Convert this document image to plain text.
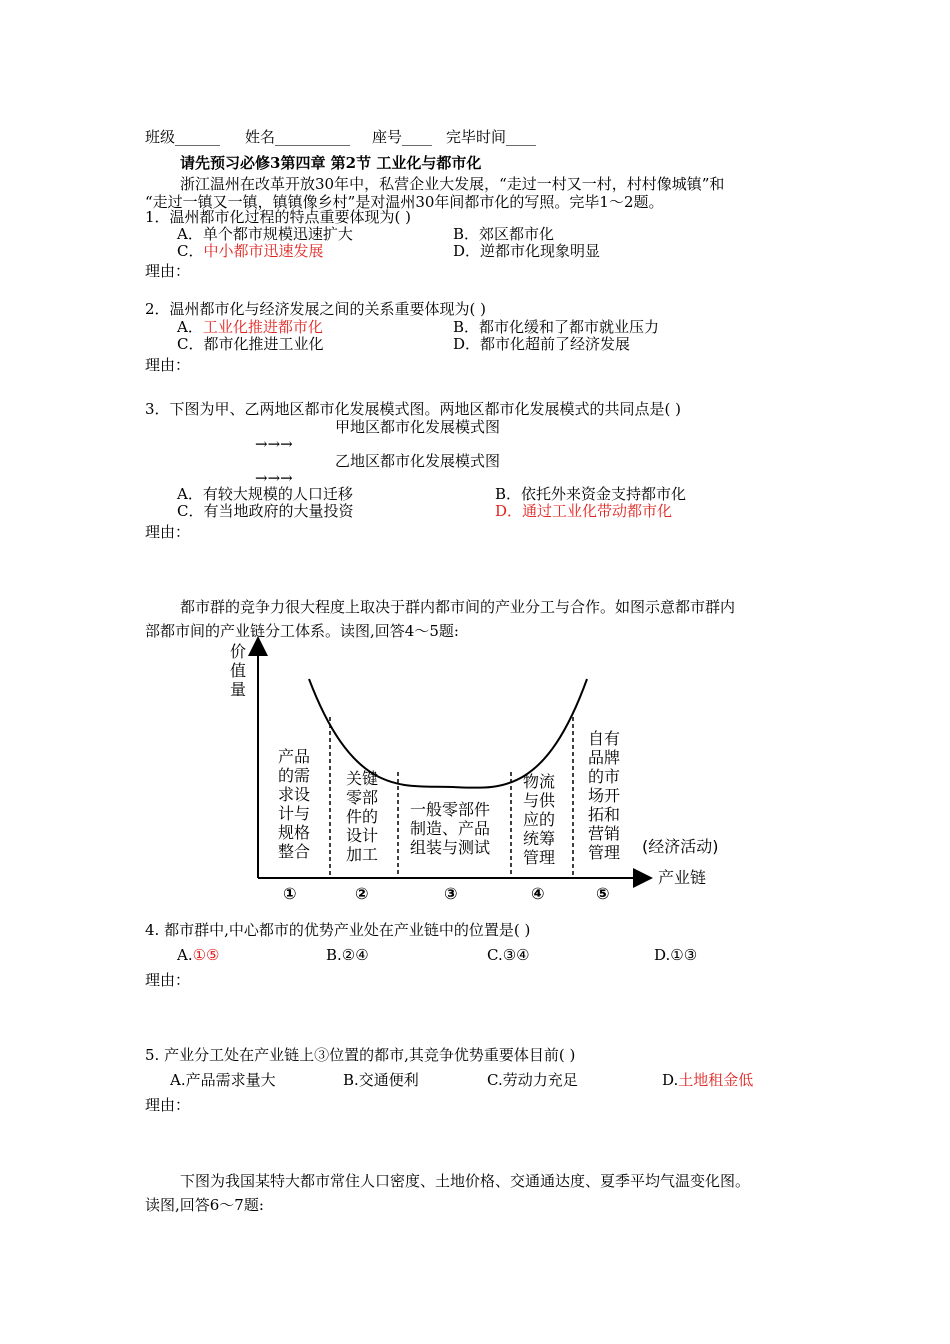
班级______ 姓名__________ 座号____ 完毕时间____
请先预习必修3第四章 第2节 工业化与都市化
浙江温州在改革开放30年中，私营企业大发展，“走过一村又一村，村村像城镇”和
“走过一镇又一镇，镇镇像乡村”是对温州30年间都市化的写照。完毕1～2题。
1．温州都市化过程的特点重要体现为( )
A．单个都市规模迅速扩大	B．郊区都市化
C．中小都市迅速发展	D．逆都市化现象明显
理由：
2．温州都市化与经济发展之间的关系重要体现为( )
A．工业化推进都市化	B．都市化缓和了都市就业压力
C．都市化推进工业化	D．都市化超前了经济发展
理由：
3．下图为甲、乙两地区都市化发展模式图。两地区都市化发展模式的共同点是( )
甲地区都市化发展模式图
→→→
乙地区都市化发展模式图
→→→
A．有较大规模的人口迁移	B．依托外来资金支持都市化
C．有当地政府的大量投资	D．通过工业化带动都市化
理由：
都市群的竞争力很大程度上取决于群内都市间的产业分工与合作。如图示意都市群内
部都市间的产业链分工体系。读图,回答4～5题:
价
值
量
产品
的需
求设
计与
规格
整合
关键
零部
件的
设计
加工
一般零部件
制造、产品
组装与测试
物流
与供
应的
统筹
管理
自有
品牌
的市
场开
拓和
营销
管理 (经济活动)
①	②	③	④	⑤
产业链
4. 都市群中,中心都市的优势产业处在产业链中的位置是( )
A.①⑤	B.②④	C.③④	D.①③
理由：
5. 产业分工处在产业链上③位置的都市,其竞争优势重要体目前( )
A.产品需求量大	B.交通便利	C.劳动力充足	D.土地租金低
理由：
下图为我国某特大都市常住人口密度、土地价格、交通通达度、夏季平均气温变化图。
读图,回答6～7题:
